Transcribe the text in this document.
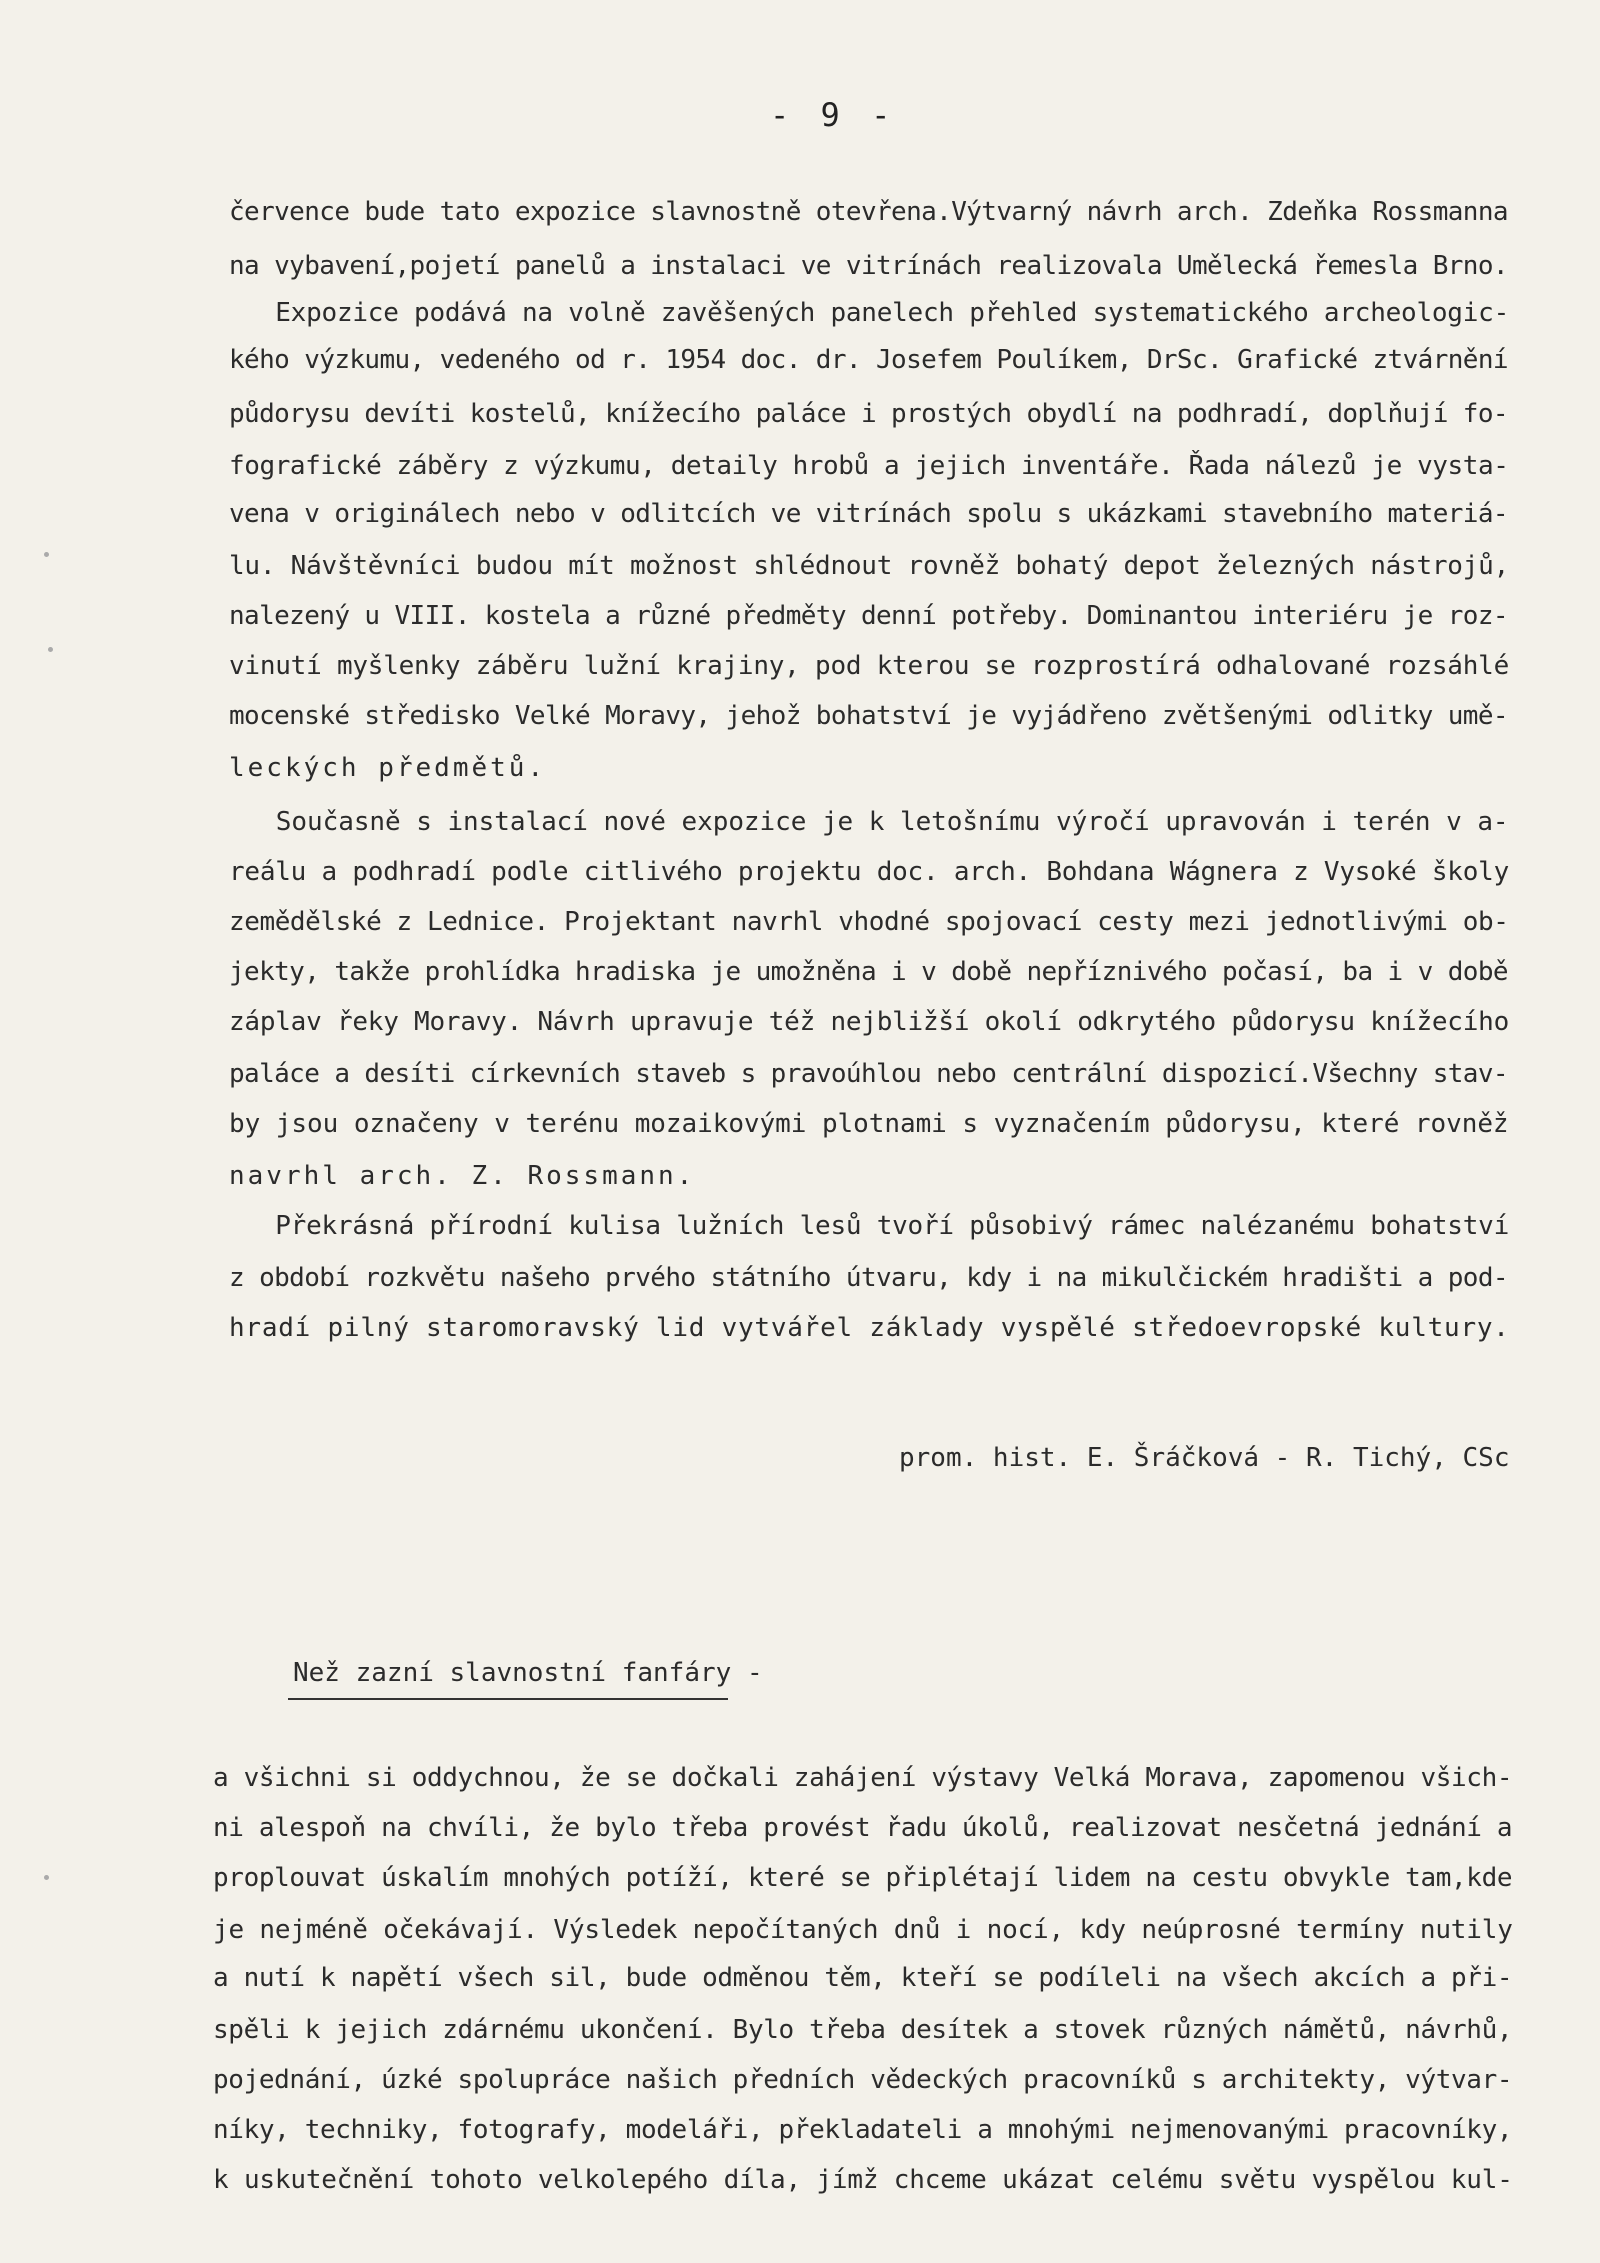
- 9 -
července bude tato expozice slavnostně otevřena.Výtvarný návrh arch. Zdeňka Rossmanna
na vybavení,pojetí panelů a instalaci ve vitrínách realizovala Umělecká řemesla Brno.
Expozice podává na volně zavěšených panelech přehled systematického archeologic-
kého výzkumu, vedeného od r. 1954 doc. dr. Josefem Poulíkem, DrSc. Grafické ztvárnění
půdorysu devíti kostelů, knížecího paláce i prostých obydlí na podhradí, doplňují fo-
fografické záběry z výzkumu, detaily hrobů a jejich inventáře. Řada nálezů je vysta-
vena v originálech nebo v odlitcích ve vitrínách spolu s ukázkami stavebního materiá-
lu. Návštěvníci budou mít možnost shlédnout rovněž bohatý depot železných nástrojů,
nalezený u VIII. kostela a různé předměty denní potřeby. Dominantou interiéru je roz-
vinutí myšlenky záběru lužní krajiny, pod kterou se rozprostírá odhalované rozsáhlé
mocenské středisko Velké Moravy, jehož bohatství je vyjádřeno zvětšenými odlitky umě-
leckých předmětů.
Současně s instalací nové expozice je k letošnímu výročí upravován i terén v a-
reálu a podhradí podle citlivého projektu doc. arch. Bohdana Wágnera z Vysoké školy
zemědělské z Lednice. Projektant navrhl vhodné spojovací cesty mezi jednotlivými ob-
jekty, takže prohlídka hradiska je umožněna i v době nepříznivého počasí, ba i v době
záplav řeky Moravy. Návrh upravuje též nejbližší okolí odkrytého půdorysu knížecího
paláce a desíti církevních staveb s pravoúhlou nebo centrální dispozicí.Všechny stav-
by jsou označeny v terénu mozaikovými plotnami s vyznačením půdorysu, které rovněž
navrhl arch. Z. Rossmann.
Překrásná přírodní kulisa lužních lesů tvoří působivý rámec nalézanému bohatství
z období rozkvětu našeho prvého státního útvaru, kdy i na mikulčickém hradišti a pod-
hradí pilný staromoravský lid vytvářel základy vyspělé středoevropské kultury.
prom. hist. E. Šráčková - R. Tichý, CSc
Než zazní slavnostní fanfáry -
a všichni si oddychnou, že se dočkali zahájení výstavy Velká Morava, zapomenou všich-
ni alespoň na chvíli, že bylo třeba provést řadu úkolů, realizovat nesčetná jednání a
proplouvat úskalím mnohých potíží, které se připlétají lidem na cestu obvykle tam,kde
je nejméně očekávají. Výsledek nepočítaných dnů i nocí, kdy neúprosné termíny nutily
a nutí k napětí všech sil, bude odměnou těm, kteří se podíleli na všech akcích a při-
spěli k jejich zdárnému ukončení. Bylo třeba desítek a stovek různých námětů, návrhů,
pojednání, úzké spolupráce našich předních vědeckých pracovníků s architekty, výtvar-
níky, techniky, fotografy, modeláři, překladateli a mnohými nejmenovanými pracovníky,
k uskutečnění tohoto velkolepého díla, jímž chceme ukázat celému světu vyspělou kul-
